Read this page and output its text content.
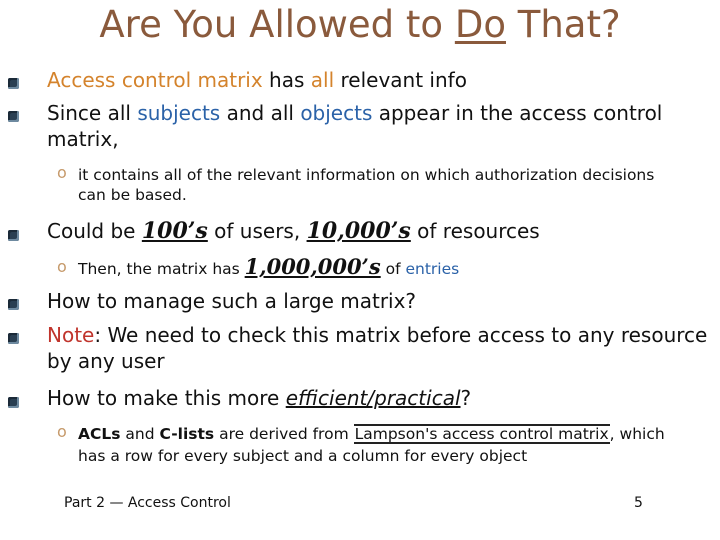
Are You Allowed to Do That?
Access control matrix has all relevant info
Since all subjects and all objects appear in the access control
matrix,
o it contains all of the relevant information on which authorization decisions
can be based.
Could be 100’s of users, 10,000’s of resources
o Then, the matrix has 1,000,000’s of entries
How to manage such a large matrix?
Note: We need to check this matrix before access to any resource
by any user
How to make this more efficient/practical?
o ACLs and C-lists are derived from Lampson's access control matrix, which
has a row for every subject and a column for every object
Part 2 — Access Control	5
